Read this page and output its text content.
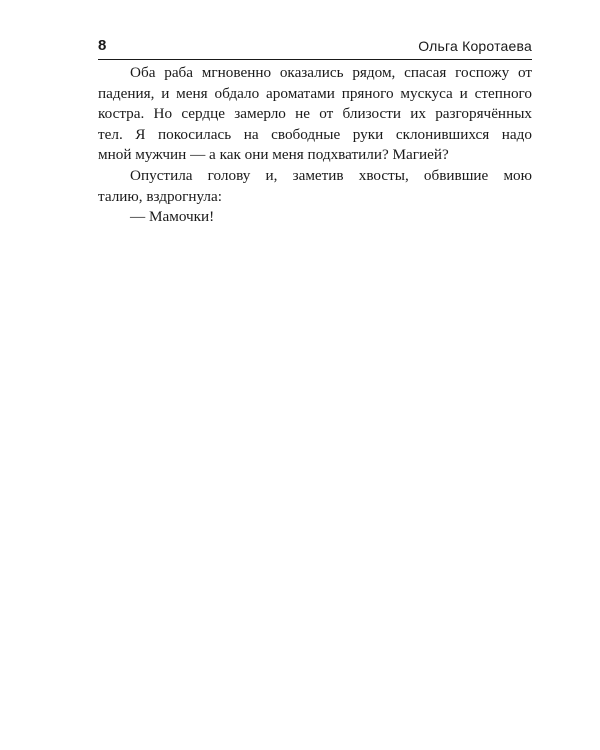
8	Ольга Коротаева

Оба раба мгновенно оказались рядом, спасая госпожу от
падения, и меня обдало ароматами пряного мускуса и степного
костра. Но сердце замерло не от близости их разгорячённых
тел. Я покосилась на свободные руки склонившихся надо
мной мужчин — а как они меня подхватили? Магией?

Опустила голову и, заметив хвосты, обвившие мою
талию, вздрогнула:

— Мамочки!
